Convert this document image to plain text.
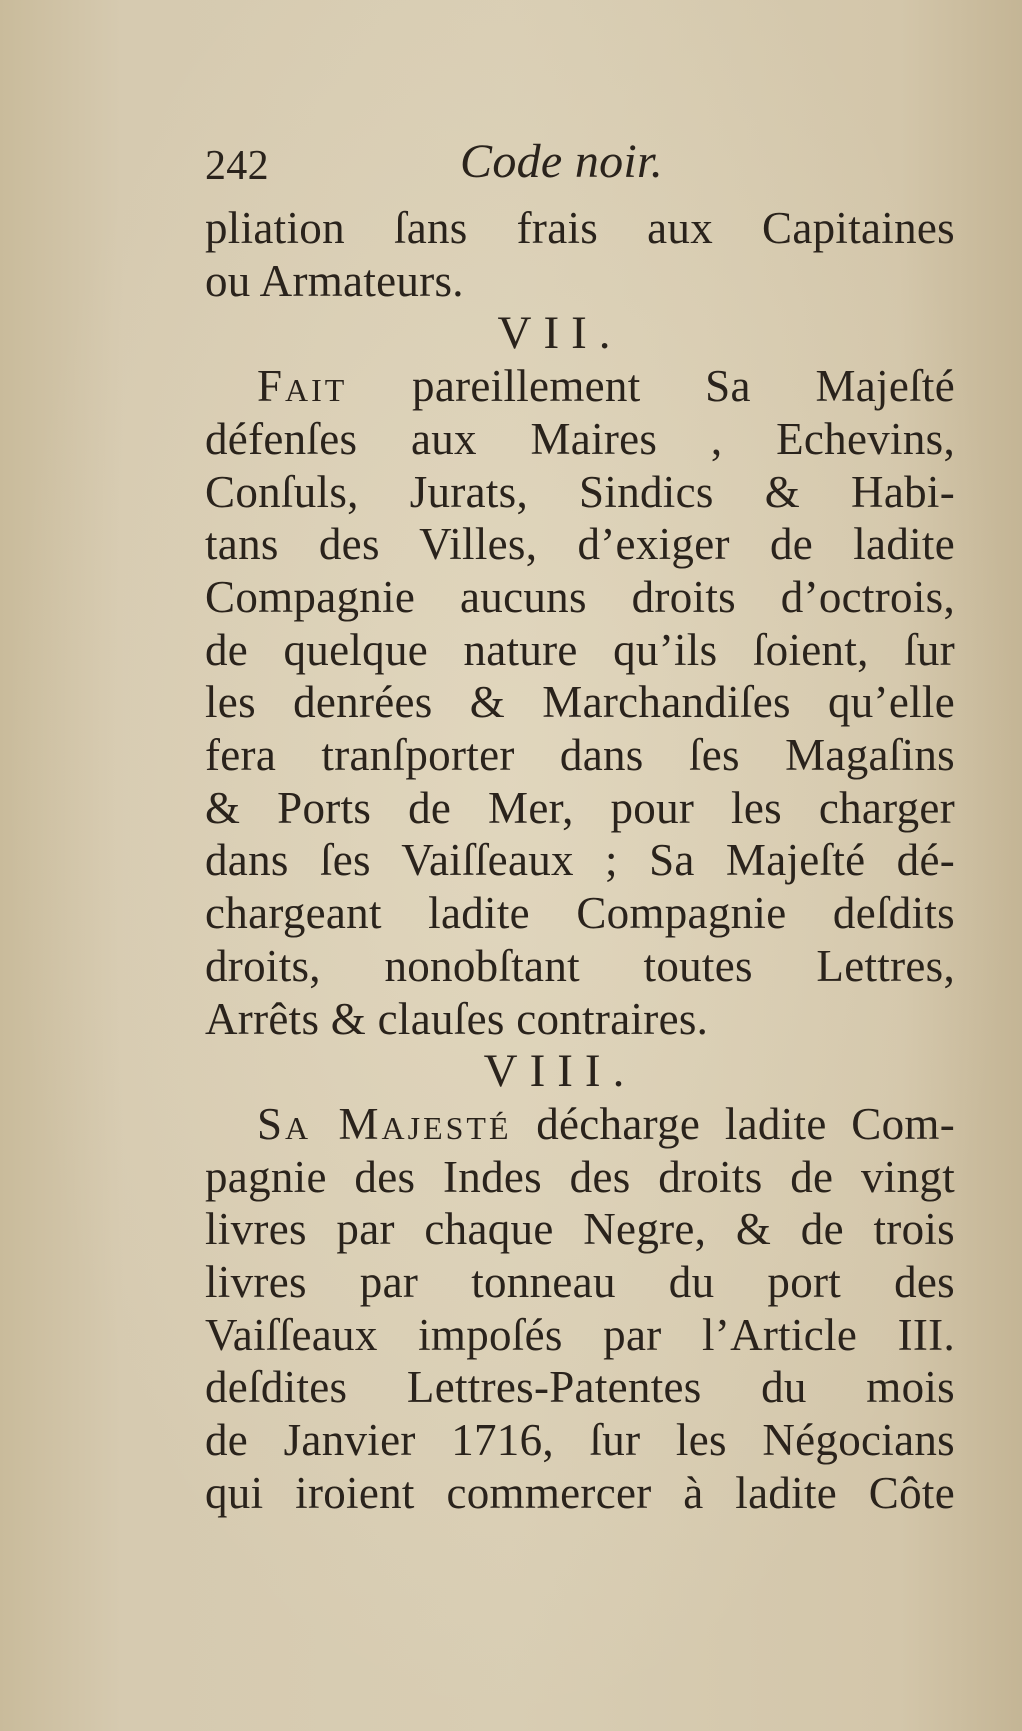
242	Code noir.
pliation ſans frais aux Capitaines
ou Armateurs.
VII.
Fait pareillement Sa Majeſté
défenſes aux Maires , Echevins,
Conſuls, Jurats, Sindics & Habi-
tans des Villes, d’exiger de ladite
Compagnie aucuns droits d’octrois,
de quelque nature qu’ils ſoient, ſur
les denrées & Marchandiſes qu’elle
fera tranſporter dans ſes Magaſins
& Ports de Mer, pour les charger
dans ſes Vaiſſeaux ; Sa Majeſté dé-
chargeant ladite Compagnie deſdits
droits, nonobſtant toutes Lettres,
Arrêts & clauſes contraires.
VIII.
Sa Majesté décharge ladite Com-
pagnie des Indes des droits de vingt
livres par chaque Negre, & de trois
livres par tonneau du port des
Vaiſſeaux impoſés par l’Article III.
deſdites Lettres-Patentes du mois
de Janvier 1716, ſur les Négocians
qui iroient commercer à ladite Côte
